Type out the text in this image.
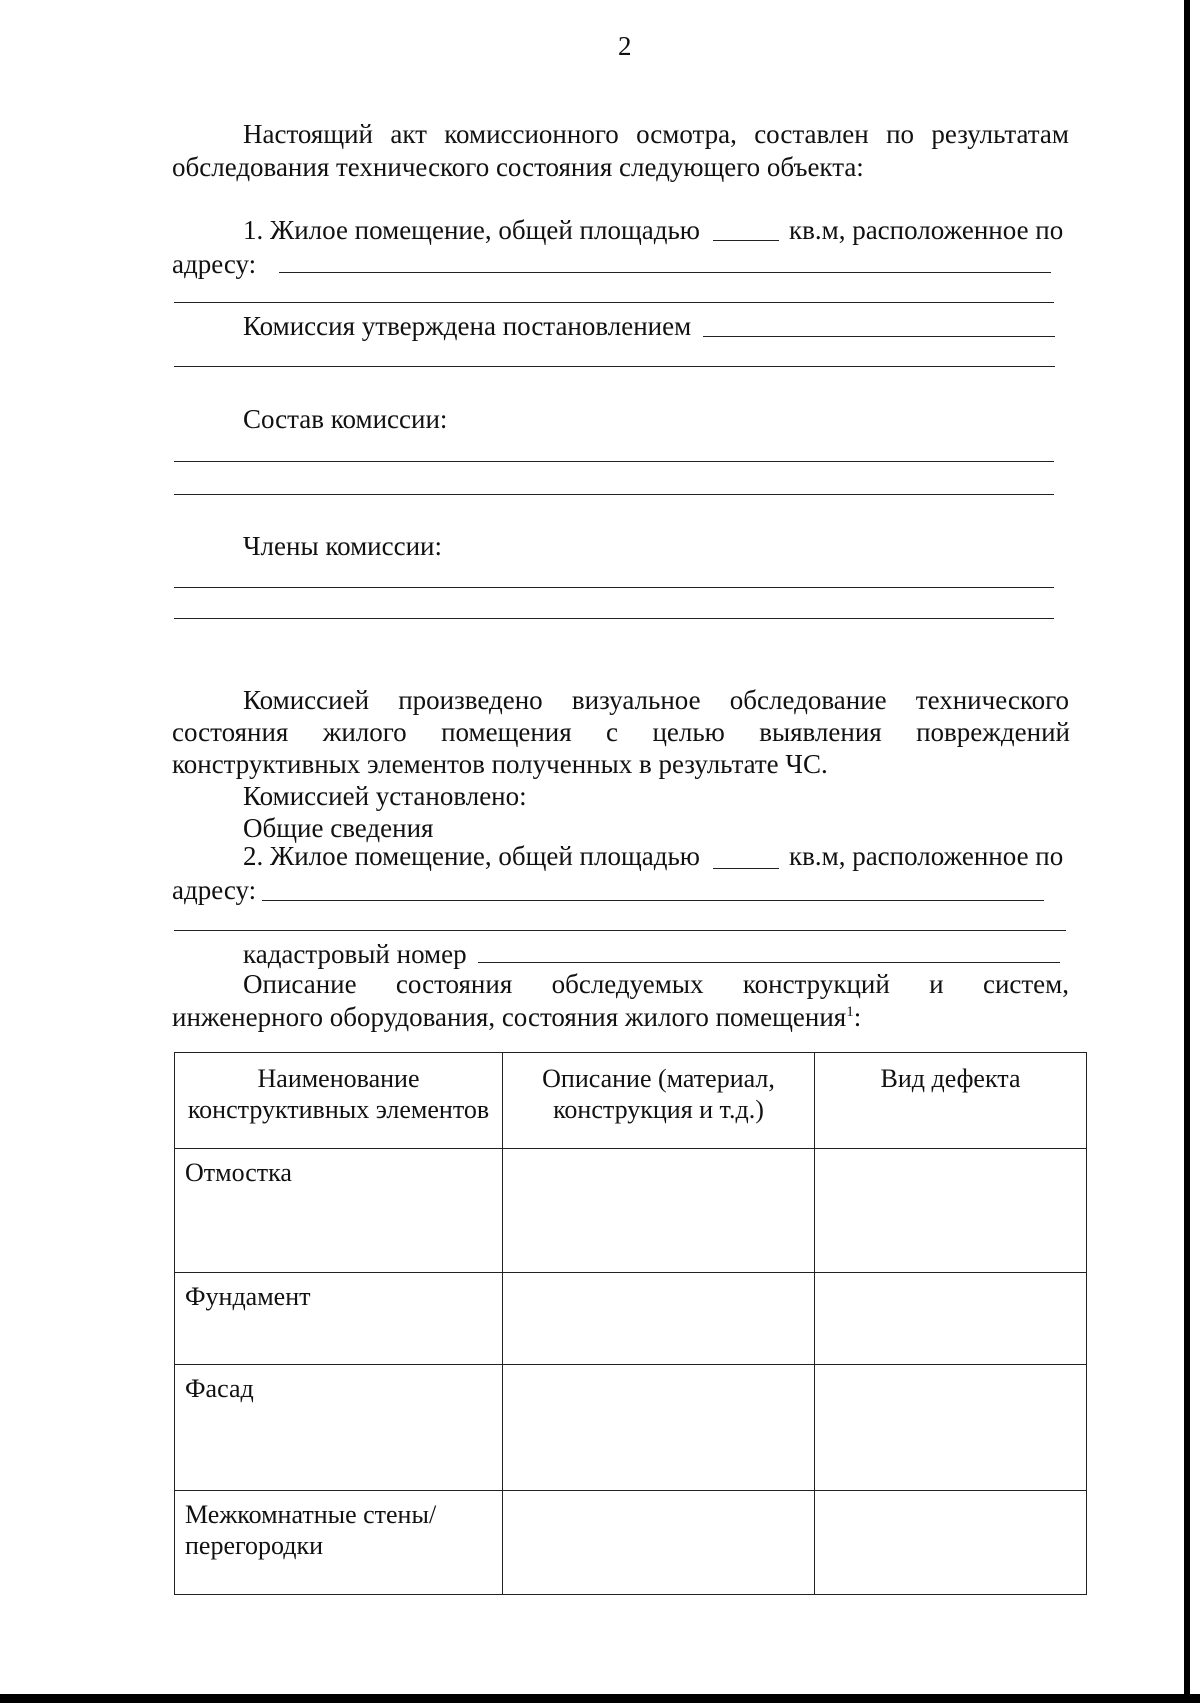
2
Настоящий акт комиссионного осмотра, составлен по результатам
обследования технического состояния следующего объекта:
1. Жилое помещение, общей площадью	кв.м, расположенное по
адресу:
Комиссия утверждена постановлением
Состав комиссии:
Члены комиссии:
Комиссией произведено визуальное обследование технического
состояния жилого помещения с целью выявления повреждений
конструктивных элементов полученных в результате ЧС.
Комиссией установлено:
Общие сведения
2. Жилое помещение, общей площадью	кв.м, расположенное по
адресу:
кадастровый номер
Описание состояния обследуемых конструкций и систем,
инженерного оборудования, состояния жилого помещения$^1$:
Наименование конструктивных элементов	Описание (материал, конструкция и т.д.)	Вид дефекта
Отмостка		
Фундамент		
Фасад		
Межкомнатные стены/перегородки		
